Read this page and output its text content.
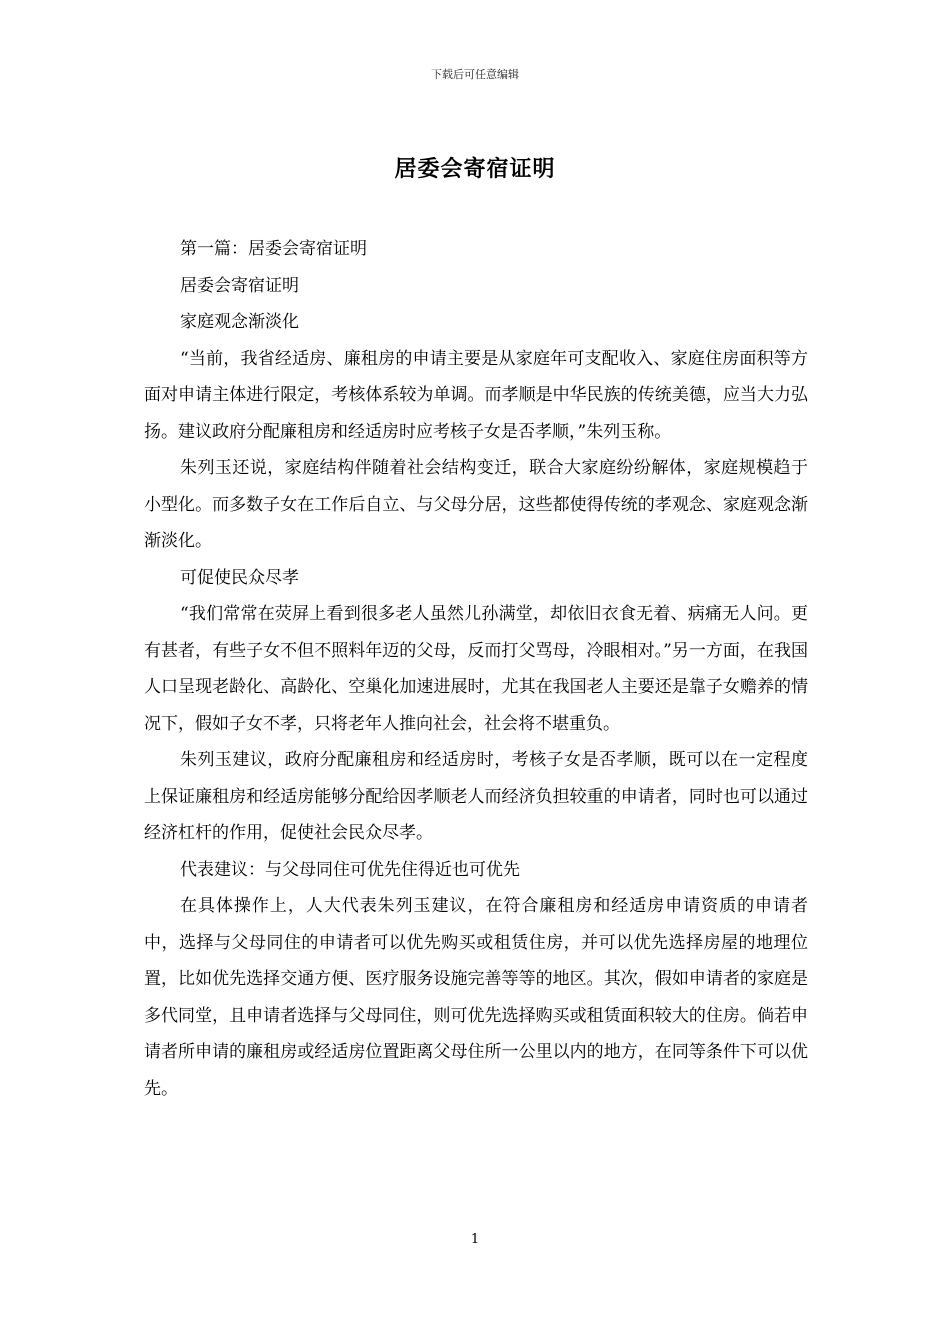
下载后可任意编辑
居委会寄宿证明

第一篇：居委会寄宿证明

居委会寄宿证明

家庭观念渐淡化

“当前，我省经适房、廉租房的申请主要是从家庭年可支配收入、家庭住房面积等方面对申请主体进行限定，考核体系较为单调。而孝顺是中华民族的传统美德，应当大力弘扬。建议政府分配廉租房和经适房时应考核子女是否孝顺，”朱列玉称。

朱列玉还说，家庭结构伴随着社会结构变迁，联合大家庭纷纷解体，家庭规模趋于小型化。而多数子女在工作后自立、与父母分居，这些都使得传统的孝观念、家庭观念渐渐淡化。

可促使民众尽孝

“我们常常在荧屏上看到很多老人虽然儿孙满堂，却依旧衣食无着、病痛无人问。更有甚者，有些子女不但不照料年迈的父母，反而打父骂母，冷眼相对。”另一方面，在我国人口呈现老龄化、高龄化、空巢化加速进展时，尤其在我国老人主要还是靠子女赡养的情况下，假如子女不孝，只将老年人推向社会，社会将不堪重负。

朱列玉建议，政府分配廉租房和经适房时，考核子女是否孝顺，既可以在一定程度上保证廉租房和经适房能够分配给因孝顺老人而经济负担较重的申请者，同时也可以通过经济杠杆的作用，促使社会民众尽孝。

代表建议：与父母同住可优先住得近也可优先

在具体操作上，人大代表朱列玉建议，在符合廉租房和经适房申请资质的申请者中，选择与父母同住的申请者可以优先购买或租赁住房，并可以优先选择房屋的地理位置，比如优先选择交通方便、医疗服务设施完善等等的地区。其次，假如申请者的家庭是多代同堂，且申请者选择与父母同住，则可优先选择购买或租赁面积较大的住房。倘若申请者所申请的廉租房或经适房位置距离父母住所一公里以内的地方，在同等条件下可以优先。

1
